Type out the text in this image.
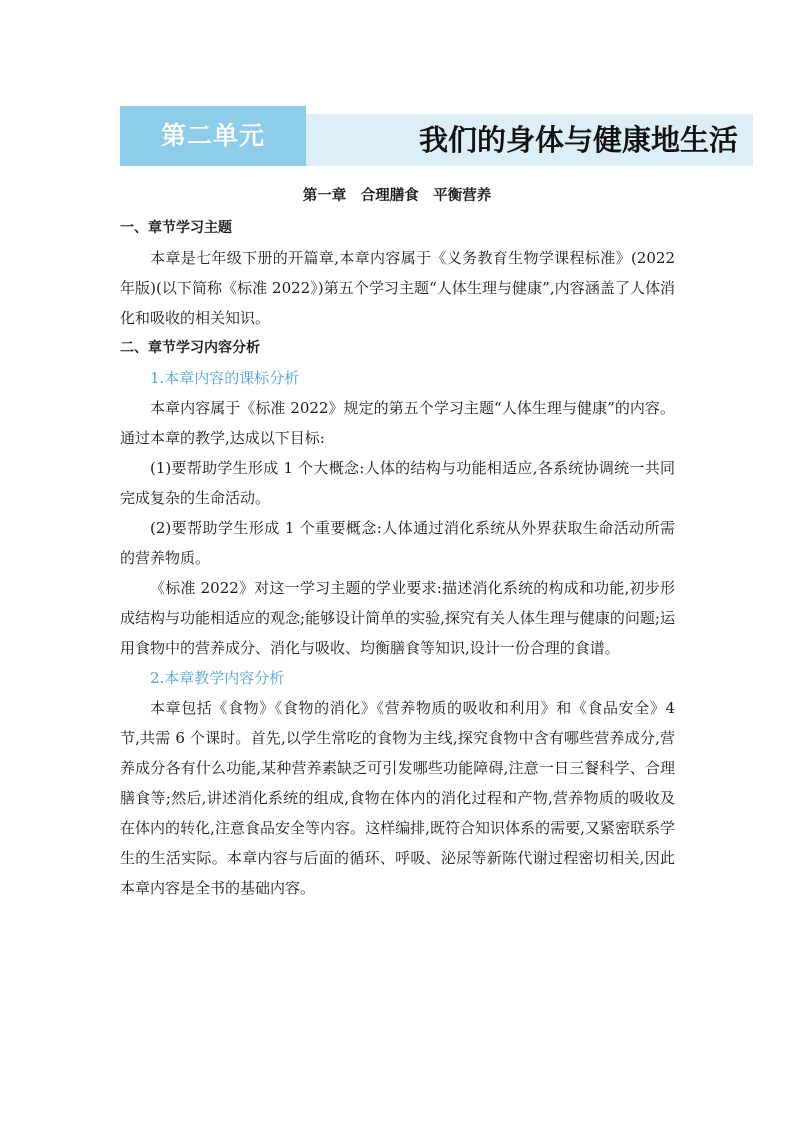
第二单元	我们的身体与健康地生活
第一章　合理膳食　平衡营养

一、章节学习主题

本章是七年级下册的开篇章,本章内容属于《义务教育生物学课程标准》(2022年版)(以下简称《标准 2022》)第五个学习主题“人体生理与健康”,内容涵盖了人体消化和吸收的相关知识。

二、章节学习内容分析

1.本章内容的课标分析

本章内容属于《标准 2022》规定的第五个学习主题“人体生理与健康”的内容。通过本章的教学,达成以下目标:

(1)要帮助学生形成 1 个大概念:人体的结构与功能相适应,各系统协调统一共同完成复杂的生命活动。

(2)要帮助学生形成 1 个重要概念:人体通过消化系统从外界获取生命活动所需的营养物质。

《标准 2022》对这一学习主题的学业要求:描述消化系统的构成和功能,初步形成结构与功能相适应的观念;能够设计简单的实验,探究有关人体生理与健康的问题;运用食物中的营养成分、消化与吸收、均衡膳食等知识,设计一份合理的食谱。

2.本章教学内容分析

本章包括《食物》《食物的消化》《营养物质的吸收和利用》和《食品安全》4 节,共需 6 个课时。首先,以学生常吃的食物为主线,探究食物中含有哪些营养成分,营养成分各有什么功能,某种营养素缺乏可引发哪些功能障碍,注意一日三餐科学、合理膳食等;然后,讲述消化系统的组成,食物在体内的消化过程和产物,营养物质的吸收及在体内的转化,注意食品安全等内容。这样编排,既符合知识体系的需要,又紧密联系学生的生活实际。本章内容与后面的循环、呼吸、泌尿等新陈代谢过程密切相关,因此本章内容是全书的基础内容。
